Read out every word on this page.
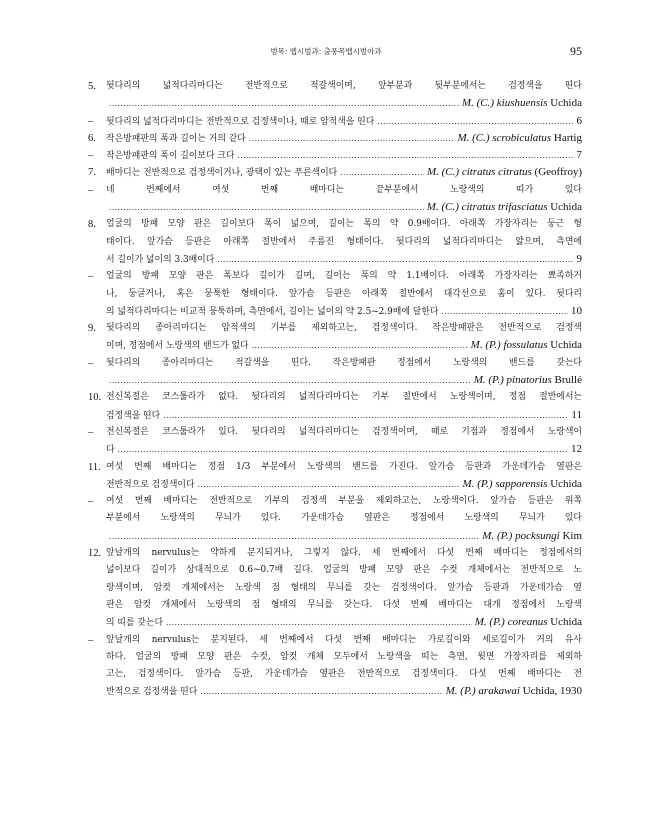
범목: 벱시벌과: 출풍목벱시벌아과	95
5.	뒷다리의 넓적다리마디는 전반적으로 적갈색이며, 앞부분과 뒷부분에서는 검정색을 띤다
.....
M. (C.) kiushuensis Uchida
–	뒷다리의 넓적다리마디는 전반적으로 검정색이나, 때로 암적색을 띤다 .....	6
6.	작은방패판의 폭과 길이는 거의 같다 .....	M. (C.) scrobiculatus Hartig
–	작은방패판의 폭이 길이보다 크다 .....	7
7.	배마디는 전반적으로 검정색이거나, 광택이 있는 푸른색이다 .....	M. (C.) citratus citratus (Geoffroy)
–	네 번째에서 여섯 번째 배마디는 끝부분에서 노랑색의 띠가 있다
.....
M. (C.) citratus trifasciatus Uchida
8.	얼굴의 방패 모양 판은 길이보다 폭이 넓으며, 길이는 폭의 약 0.9배이다. 아래쪽 가장자리는 둥근 형
태이다. 앞가슴 등판은 아래쪽 절반에서 주름진 형태이다. 뒷다리의 넓적다리마디는 얇으며, 측면에
서 길이가 넓이의 3.3배이다 .....	9
–	얼굴의 방패 모양 판은 폭보다 길이가 길며, 길이는 폭의 약 1.1배이다. 아래쪽 가장자리는 뾰족하거
나, 둥글거나, 혹은 뭉툭한 형태이다. 앞가슴 등판은 아래쪽 절반에서 대각선으로 홈이 있다. 뒷다리
의 넓적다리마디는 비교적 뭉툭하며, 측면에서, 길이는 넓이의 약 2.5~2.9배에 달한다 .....	10
9.	뒷다리의 종아리마디는 암적색의 기부를 제외하고는, 검정색이다. 작은방패판은 전반적으로 검정색
이며, 정점에서 노랑색의 밴드가 없다 .....	M. (P.) fossulatus Uchida
–	뒷다리의 종아리마디는 적갈색을 띤다. 작은방패판 정점에서 노랑색의 밴드를 갖는다
.....
M. (P.) pinatorius Brullé
10. 전신복절은 코스툴라가 없다. 뒷다리의 넓적다리마디는 기부 절반에서 노랑색이며, 정점 절반에서는
검정색을 띤다 .....	11
–	전신복절은 코스툴라가 있다. 뒷다리의 넓적다리마디는 검정색이며, 때로 기점과 정점에서 노랑색이
다 .....	12
11. 여섯 번째 배마디는 정점 1/3 부분에서 노랑색의 밴드를 가진다. 앞가슴 등판과 가운데가슴 옆판은
전반적으로 검정색이다 .....	M. (P.) sapporensis Uchida
–	여섯 번째 배마디는 전반적으로 기부의 검정색 부분을 제외하고는, 노랑색이다. 앞가슴 등판은 위쪽
부분에서 노랑색의 무늬가 있다. 가운데가슴 옆판은 정점에서 노랑색의 무늬가 있다
.....
M. (P.) pocksungi Kim
12. 앞날개의 nervulus는 약하게 분지되거나, 그렇지 않다. 세 번째에서 다섯 번째 배마디는 정점에서의
넓이보다 길이가 상대적으로 0.6~0.7배 길다. 얼굴의 방패 모양 판은 수컷 개체에서는 전반적으로 노
랑색이며, 암컷 개체에서는 노랑색 점 형태의 무늬를 갖는 검정색이다. 앞가슴 등판과 가운데가슴 옆
판은 암컷 개체에서 노랑색의 점 형태의 무늬를 갖는다. 다섯 번째 배마디는 대개 정점에서 노랑색
의 띠를 갖는다 .....	M. (P.) coreanus Uchida
–	앞날개의 nervulus는 분지된다. 세 번째에서 다섯 번째 배마디는 가로길이와 세로길이가 거의 유사
하다. 얼굴의 방패 모양 판은 수컷, 암컷 개체 모두에서 노랑색을 띠는 측면, 윗면 가장자리를 제외하
고는, 검정색이다. 앞가슴 등판, 가운데가슴 옆판은 전반적으로 검정색이다. 다섯 번째 배마디는 전
반적으로 검정색을 띤다 .....	M. (P.) arakawai Uchida, 1930
